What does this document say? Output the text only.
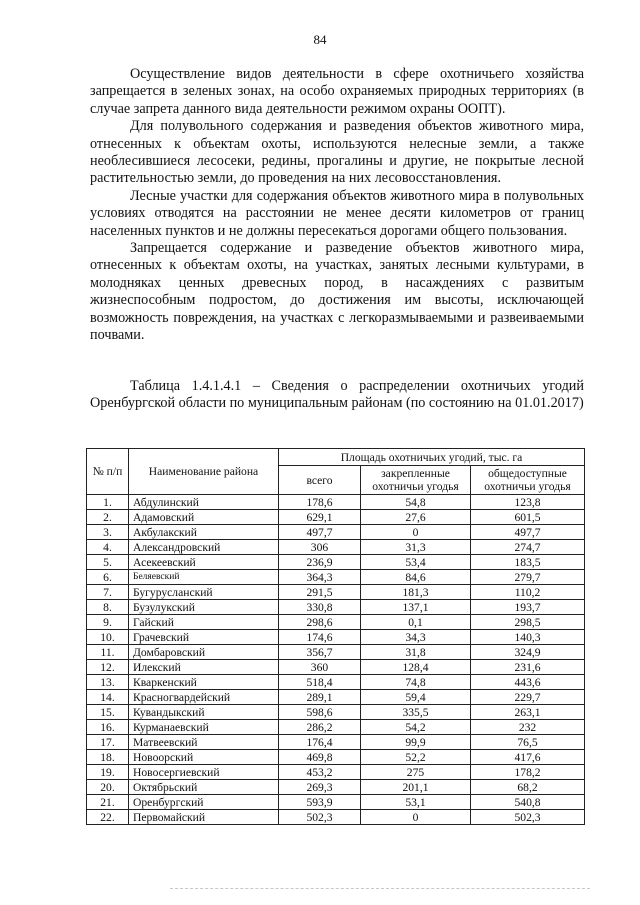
84

Осуществление видов деятельности в сфере охотничьего хозяйства запрещается в зеленых зонах, на особо охраняемых природных территориях (в случае запрета данного вида деятельности режимом охраны ООПТ).

Для полувольного содержания и разведения объектов животного мира, отнесенных к объектам охоты, используются нелесные земли, а также необлесившиеся лесосеки, редины, прогалины и другие, не покрытые лесной растительностью земли, до проведения на них лесовосстановления.

Лесные участки для содержания объектов животного мира в полувольных условиях отводятся на расстоянии не менее десяти километров от границ населенных пунктов и не должны пересекаться дорогами общего пользования.

Запрещается содержание и разведение объектов животного мира, отнесенных к объектам охоты, на участках, занятых лесными культурами, в молодняках ценных древесных пород, в насаждениях с развитым жизнеспособным подростом, до достижения им высоты, исключающей возможность повреждения, на участках с легкоразмываемыми и развеиваемыми почвами.

Таблица 1.4.1.4.1 – Сведения о распределении охотничьих угодий Оренбургской области по муниципальным районам (по состоянию на 01.01.2017)

№ п/п	Наименование района	Площадь охотничьих угодий, тыс. га		
		всего	закрепленные охотничьи угодья	общедоступные охотничьи угодья
1.	Абдулинский	178,6	54,8	123,8
2.	Адамовский	629,1	27,6	601,5
3.	Акбулакский	497,7	0	497,7
4.	Александровский	306	31,3	274,7
5.	Асекеевский	236,9	53,4	183,5
6.	Беляевский	364,3	84,6	279,7
7.	Бугурусланский	291,5	181,3	110,2
8.	Бузулукский	330,8	137,1	193,7
9.	Гайский	298,6	0,1	298,5
10.	Грачевский	174,6	34,3	140,3
11.	Домбаровский	356,7	31,8	324,9
12.	Илекский	360	128,4	231,6
13.	Кваркенский	518,4	74,8	443,6
14.	Красногвардейский	289,1	59,4	229,7
15.	Кувандыкский	598,6	335,5	263,1
16.	Курманаевский	286,2	54,2	232
17.	Матвеевский	176,4	99,9	76,5
18.	Новоорский	469,8	52,2	417,6
19.	Новосергиевский	453,2	275	178,2
20.	Октябрьский	269,3	201,1	68,2
21.	Оренбургский	593,9	53,1	540,8
22.	Первомайский	502,3	0	502,3
